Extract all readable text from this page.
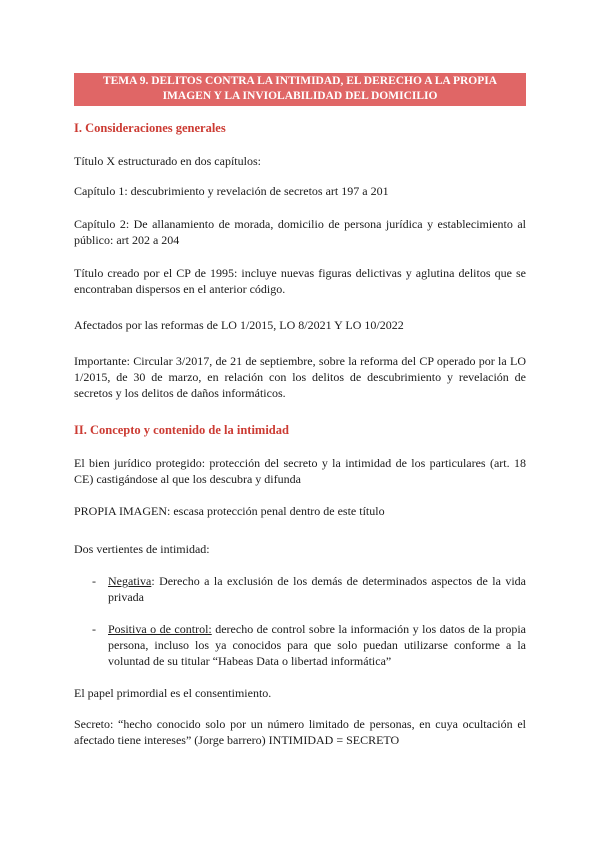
TEMA 9. DELITOS CONTRA LA INTIMIDAD, EL DERECHO A LA PROPIA
IMAGEN Y LA INVIOLABILIDAD DEL DOMICILIO
I. Consideraciones generales
Título X estructurado en dos capítulos:
Capítulo 1: descubrimiento y revelación de secretos art 197 a 201
Capítulo 2: De allanamiento de morada, domicilio de persona jurídica y establecimiento al público: art 202 a 204
Título creado por el CP de 1995: incluye nuevas figuras delictivas y aglutina delitos que se encontraban dispersos en el anterior código.
Afectados por las reformas de LO 1/2015, LO 8/2021 Y LO 10/2022
Importante: Circular 3/2017, de 21 de septiembre, sobre la reforma del CP operado por la LO 1/2015, de 30 de marzo, en relación con los delitos de descubrimiento y revelación de secretos y los delitos de daños informáticos.
II. Concepto y contenido de la intimidad
El bien jurídico protegido: protección del secreto y la intimidad de los particulares (art. 18 CE) castigándose al que los descubra y difunda
PROPIA IMAGEN: escasa protección penal dentro de este título
Dos vertientes de intimidad:
- Negativa: Derecho a la exclusión de los demás de determinados aspectos de la vida privada
- Positiva o de control: derecho de control sobre la información y los datos de la propia persona, incluso los ya conocidos para que solo puedan utilizarse conforme a la voluntad de su titular “Habeas Data o libertad informática”
El papel primordial es el consentimiento.
Secreto: “hecho conocido solo por un número limitado de personas, en cuya ocultación el afectado tiene intereses” (Jorge barrero) INTIMIDAD = SECRETO
